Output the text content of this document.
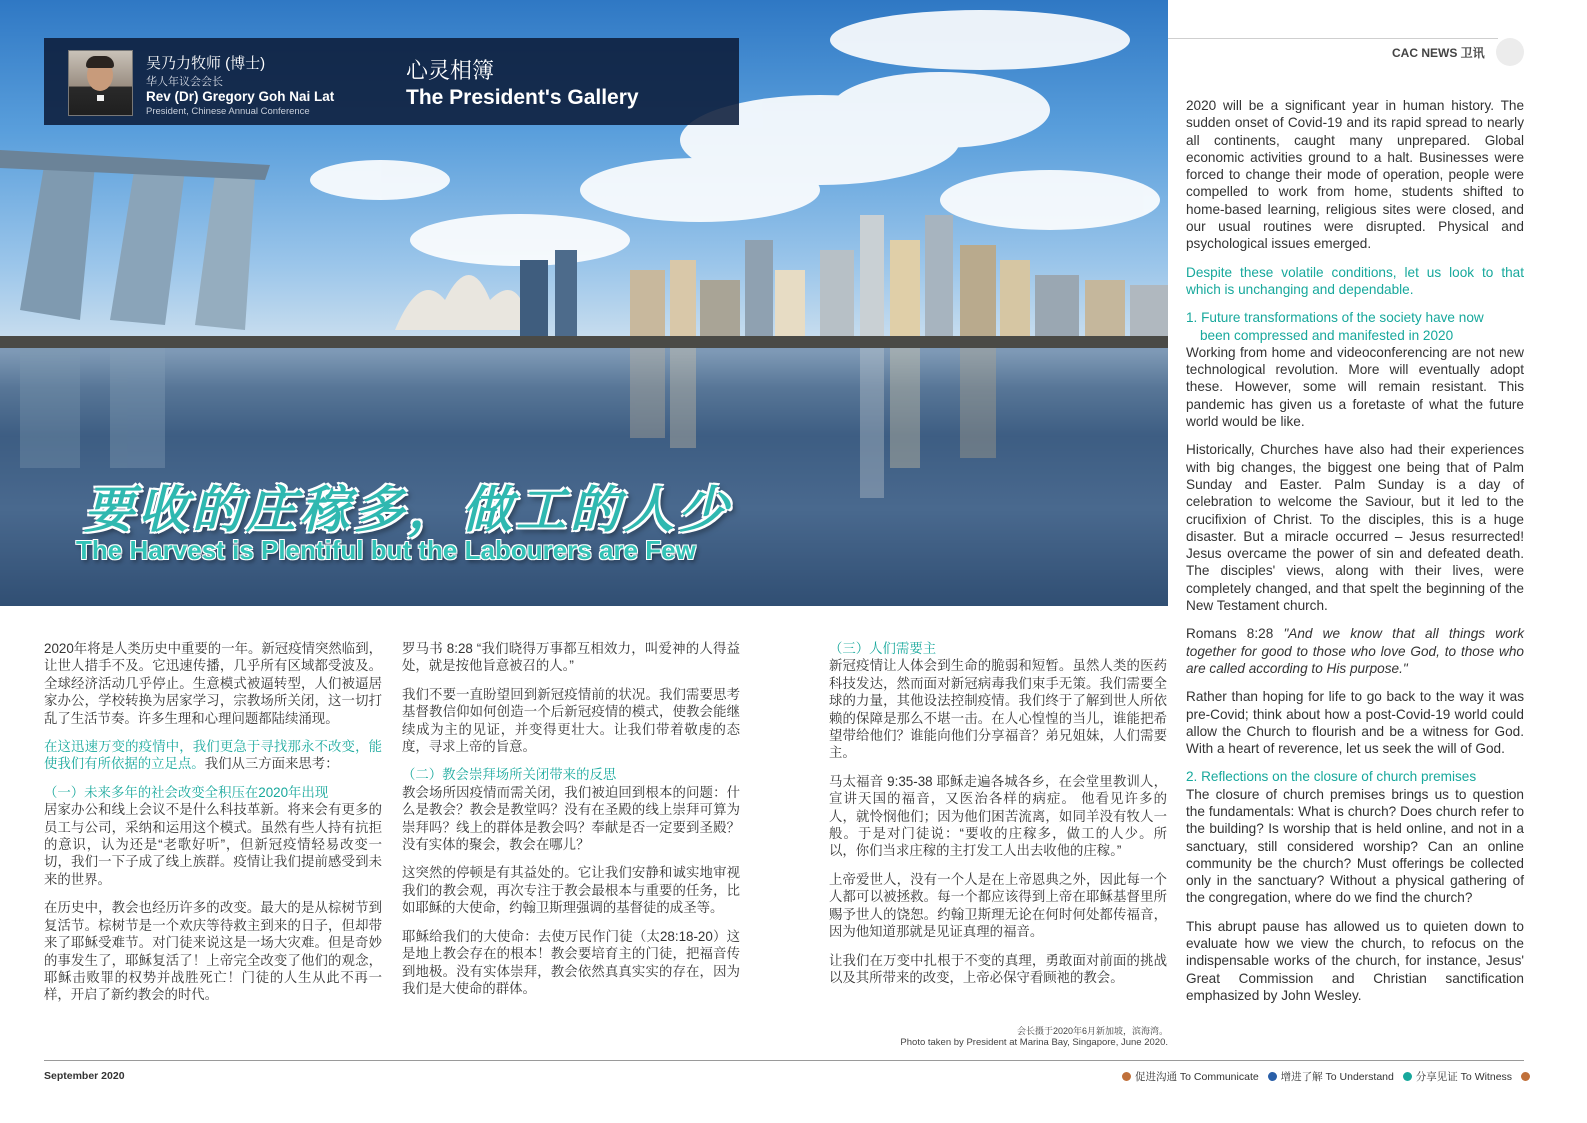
吴乃力牧师 (博士)
华人年议会会长
Rev (Dr) Gregory Goh Nai Lat
President, Chinese Annual Conference
心灵相簿
The President's Gallery
要收的庄稼多，做工的人少
The Harvest is Plentiful but the Labourers are Few
CAC NEWS 卫讯

2020年将是人类历史中重要的一年。新冠疫情突然临到，让世人措手不及。它迅速传播，几乎所有区域都受波及。全球经济活动几乎停止。生意模式被逼转型，人们被逼居家办公，学校转换为居家学习，宗教场所关闭，这一切打乱了生活节奏。许多生理和心理问题都陆续涌现。

在这迅速万变的疫情中，我们更急于寻找那永不改变，能使我们有所依据的立足点。我们从三方面来思考：

（一）未来多年的社会改变全积压在2020年出现

居家办公和线上会议不是什么科技革新。将来会有更多的员工与公司，采纳和运用这个模式。虽然有些人持有抗拒的意识，认为还是“老歌好听”，但新冠疫情轻易改变一切，我们一下子成了线上族群。疫情让我们提前感受到未来的世界。

在历史中，教会也经历许多的改变。最大的是从棕树节到复活节。棕树节是一个欢庆等待救主到来的日子，但却带来了耶稣受难节。对门徒来说这是一场大灾难。但是奇妙的事发生了，耶稣复活了！上帝完全改变了他们的观念，耶稣击败罪的权势并战胜死亡！门徒的人生从此不再一样，开启了新约教会的时代。

罗马书 8:28 “我们晓得万事都互相效力，叫爱神的人得益处，就是按他旨意被召的人。”

我们不要一直盼望回到新冠疫情前的状况。我们需要思考基督教信仰如何创造一个后新冠疫情的模式，使教会能继续成为主的见证，并变得更壮大。让我们带着敬虔的态度，寻求上帝的旨意。

（二）教会崇拜场所关闭带来的反思

教会场所因疫情而需关闭，我们被迫回到根本的问题：什么是教会？教会是教堂吗？没有在圣殿的线上崇拜可算为崇拜吗？线上的群体是教会吗？奉献是否一定要到圣殿？没有实体的聚会，教会在哪儿？

这突然的停顿是有其益处的。它让我们安静和诚实地审视我们的教会观，再次专注于教会最根本与重要的任务，比如耶稣的大使命，约翰卫斯理强调的基督徒的成圣等。

耶稣给我们的大使命：去使万民作门徒（太28:18-20）这是地上教会存在的根本！教会要培育主的门徒，把福音传到地极。没有实体崇拜，教会依然真真实实的存在，因为我们是大使命的群体。

（三）人们需要主

新冠疫情让人体会到生命的脆弱和短暂。虽然人类的医药科技发达，然而面对新冠病毒我们束手无策。我们需要全球的力量，其他设法控制疫情。我们终于了解到世人所依赖的保障是那么不堪一击。在人心惶惶的当儿，谁能把希望带给他们？谁能向他们分享福音？弟兄姐妹，人们需要主。

马太福音 9:35-38 耶稣走遍各城各乡，在会堂里教训人，宣讲天国的福音，又医治各样的病症。 他看见许多的人，就怜悯他们；因为他们困苦流离，如同羊没有牧人一般。于是对门徒说：“要收的庄稼多，做工的人少。所以，你们当求庄稼的主打发工人出去收他的庄稼。”

上帝爱世人，没有一个人是在上帝恩典之外，因此每一个人都可以被拯救。每一个都应该得到上帝在耶稣基督里所赐予世人的饶恕。约翰卫斯理无论在何时何处都传福音，因为他知道那就是见证真理的福音。

让我们在万变中扎根于不变的真理，勇敢面对前面的挑战以及其所带来的改变，上帝必保守看顾祂的教会。

会长摄于2020年6月新加坡，滨海湾。
Photo taken by President at Marina Bay, Singapore, June 2020.

2020 will be a significant year in human history. The sudden onset of Covid-19 and its rapid spread to nearly all continents, caught many unprepared. Global economic activities ground to a halt. Businesses were forced to change their mode of operation, people were compelled to work from home, students shifted to home-based learning, religious sites were closed, and our usual routines were disrupted. Physical and psychological issues emerged.

Despite these volatile conditions, let us look to that which is unchanging and dependable.

1. Future transformations of the society have now
been compressed and manifested in 2020

Working from home and videoconferencing are not new technological revolution. More will eventually adopt these. However, some will remain resistant. This pandemic has given us a foretaste of what the future world would be like.

Historically, Churches have also had their experiences with big changes, the biggest one being that of Palm Sunday and Easter. Palm Sunday is a day of celebration to welcome the Saviour, but it led to the crucifixion of Christ. To the disciples, this is a huge disaster. But a miracle occurred – Jesus resurrected! Jesus overcame the power of sin and defeated death. The disciples' views, along with their lives, were completely changed, and that spelt the beginning of the New Testament church.

Romans 8:28 "And we know that all things work together for good to those who love God, to those who are called according to His purpose."

Rather than hoping for life to go back to the way it was pre-Covid; think about how a post-Covid-19 world could allow the Church to flourish and be a witness for God. With a heart of reverence, let us seek the will of God.

2. Reflections on the closure of church premises

The closure of church premises brings us to question the fundamentals: What is church? Does church refer to the building? Is worship that is held online, and not in a sanctuary, still considered worship? Can an online community be the church? Must offerings be collected only in the sanctuary? Without a physical gathering of the congregation, where do we find the church?

This abrupt pause has allowed us to quieten down to evaluate how we view the church, to refocus on the indispensable works of the church, for instance, Jesus' Great Commission and Christian sanctification emphasized by John Wesley.

September 2020	促进沟通 To Communicate 增进了解 To Understand 分享见证 To Witness
